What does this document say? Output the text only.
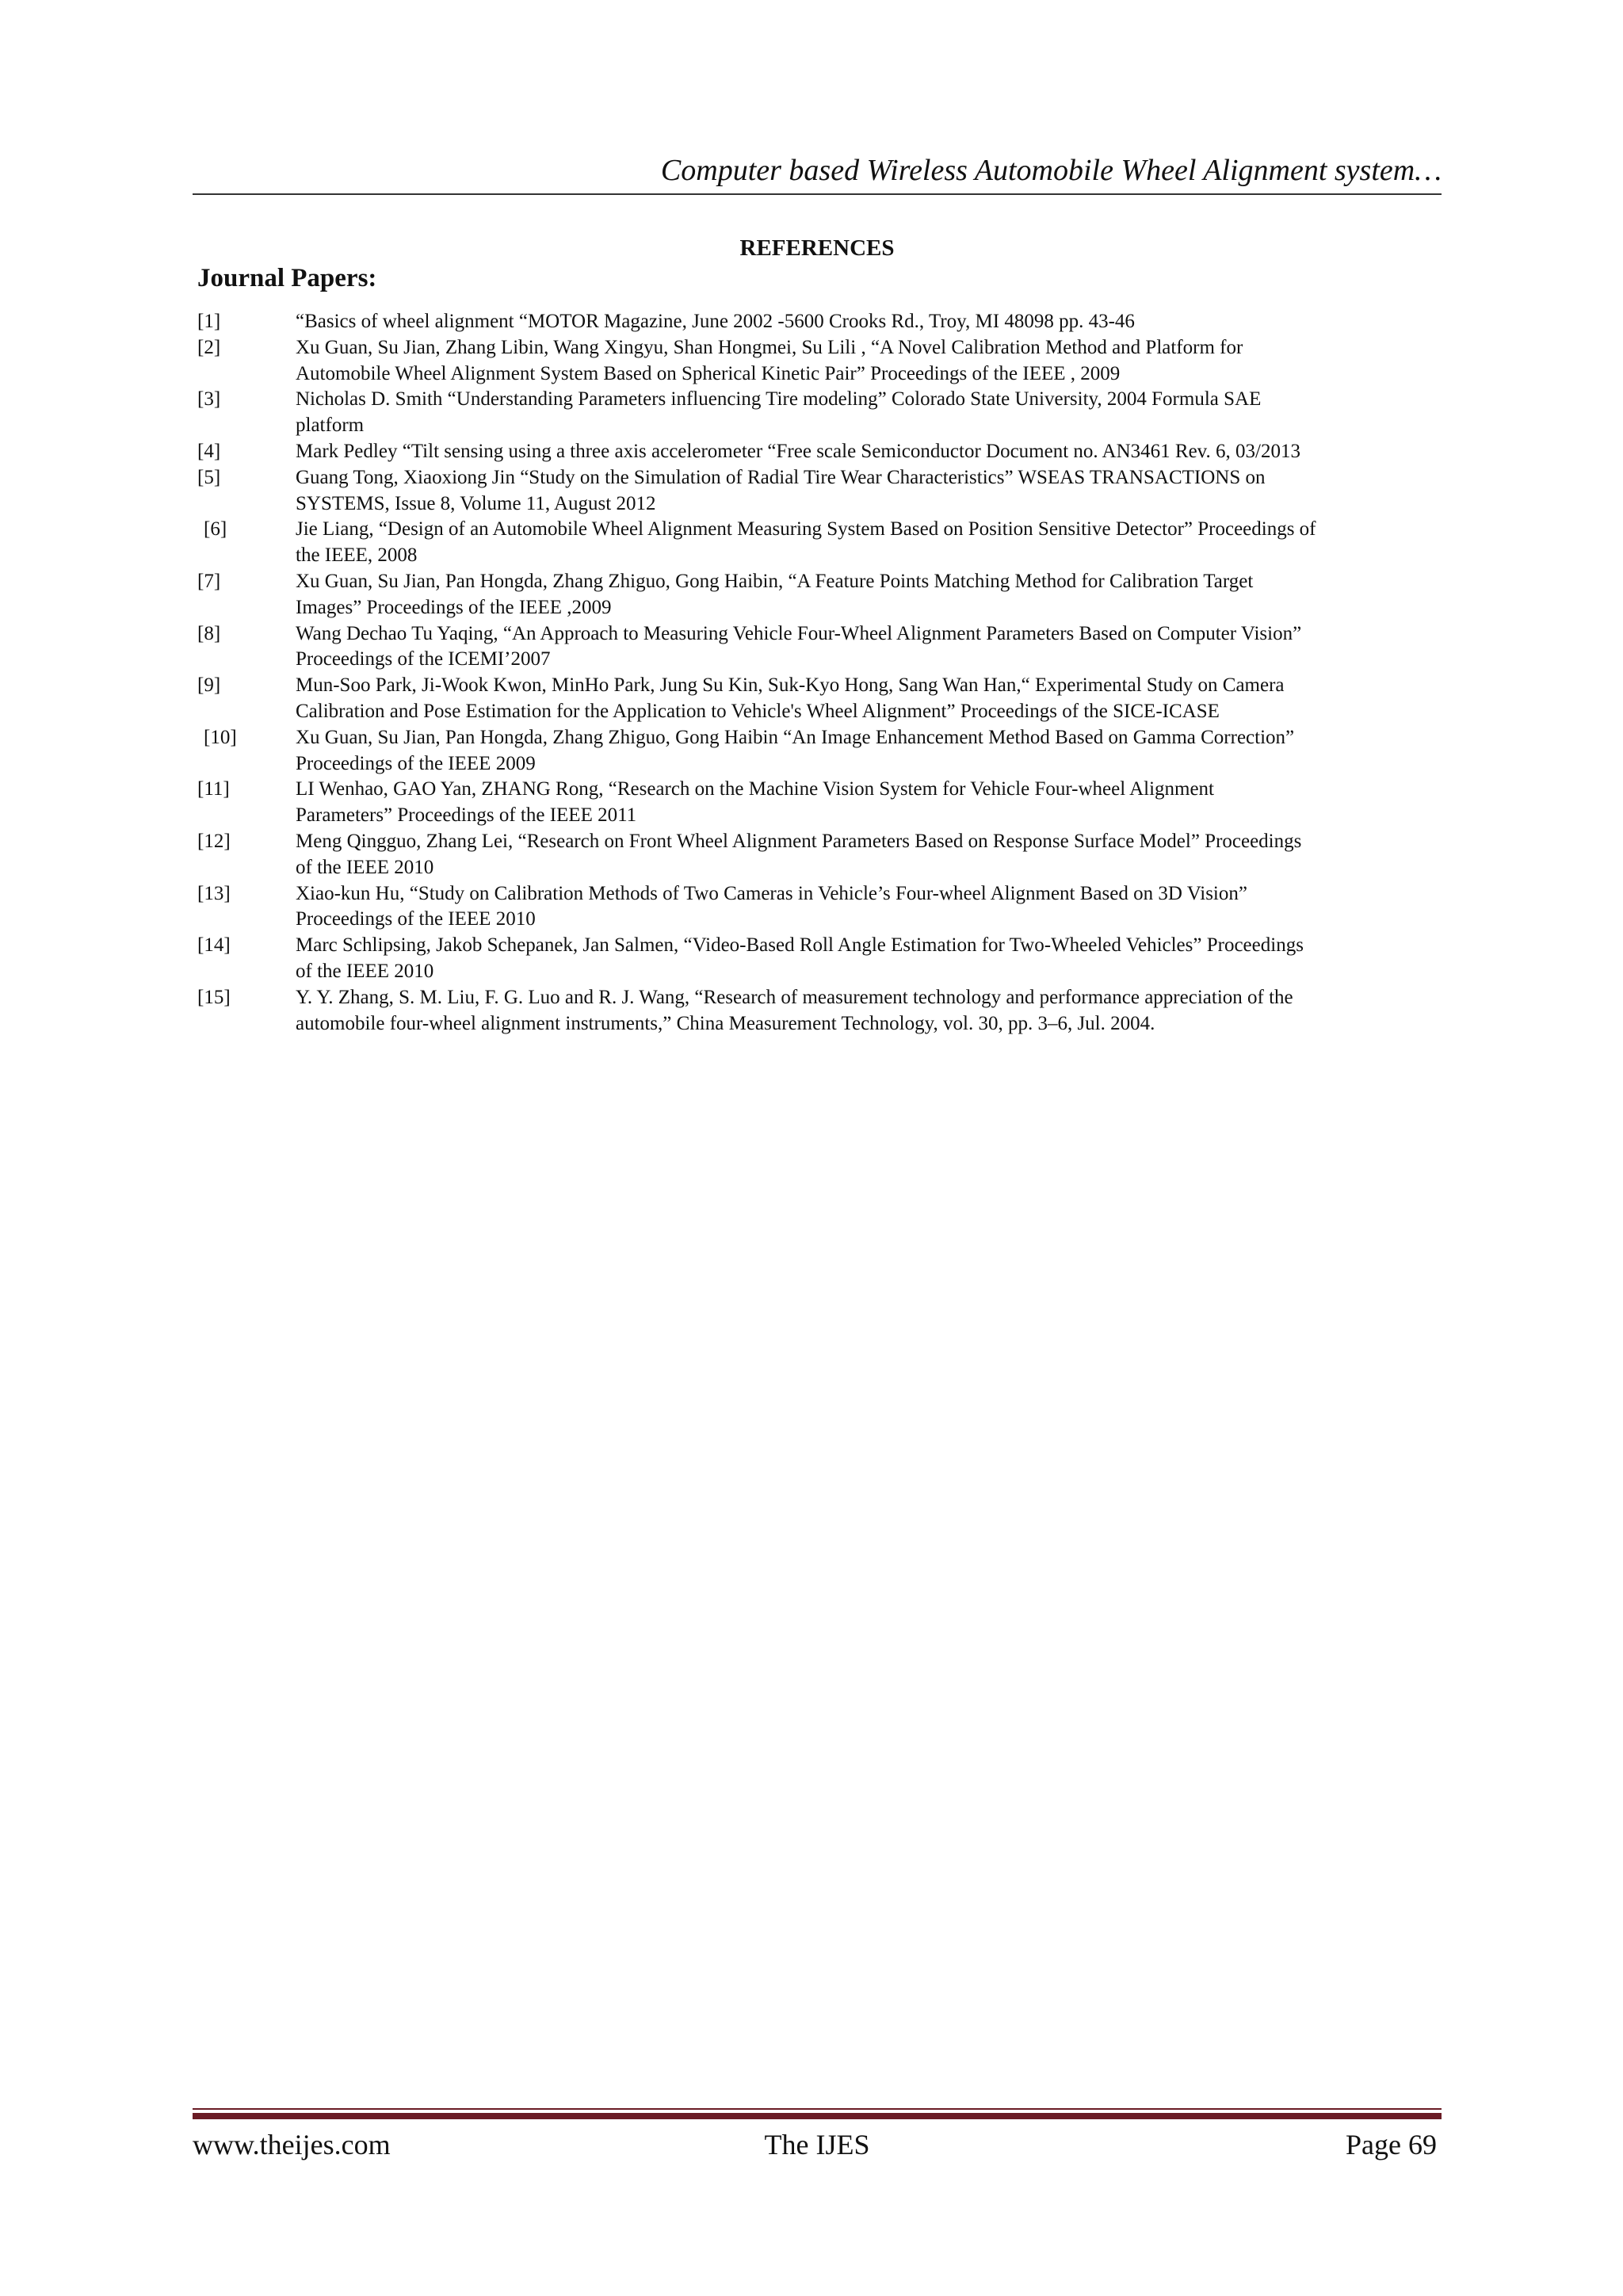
Computer based Wireless Automobile Wheel Alignment system…
REFERENCES
Journal Papers:
[1]	“Basics of wheel alignment “MOTOR Magazine, June 2002 -5600 Crooks Rd., Troy, MI 48098 pp. 43-46
[2]	Xu Guan, Su Jian, Zhang Libin, Wang Xingyu, Shan Hongmei, Su Lili , “A Novel Calibration Method and Platform for
Automobile Wheel Alignment System Based on Spherical Kinetic Pair” Proceedings of the IEEE , 2009
[3]	Nicholas D. Smith “Understanding Parameters influencing Tire modeling” Colorado State University, 2004 Formula SAE
platform
[4]	Mark Pedley “Tilt sensing using a three axis accelerometer “Free scale Semiconductor Document no. AN3461 Rev. 6, 03/2013
[5]	Guang Tong, Xiaoxiong Jin “Study on the Simulation of Radial Tire Wear Characteristics” WSEAS TRANSACTIONS on
SYSTEMS, Issue 8, Volume 11, August 2012
[6]	Jie Liang, “Design of an Automobile Wheel Alignment Measuring System Based on Position Sensitive Detector” Proceedings of
the IEEE, 2008
[7]	Xu Guan, Su Jian, Pan Hongda, Zhang Zhiguo, Gong Haibin, “A Feature Points Matching Method for Calibration Target
Images” Proceedings of the IEEE ,2009
[8]	Wang Dechao Tu Yaqing, “An Approach to Measuring Vehicle Four-Wheel Alignment Parameters Based on Computer Vision”
Proceedings of the ICEMI’2007
[9]	Mun-Soo Park, Ji-Wook Kwon, MinHo Park, Jung Su Kin, Suk-Kyo Hong, Sang Wan Han,“ Experimental Study on Camera
Calibration and Pose Estimation for the Application to Vehicle's Wheel Alignment” Proceedings of the SICE-ICASE
[10]	Xu Guan, Su Jian, Pan Hongda, Zhang Zhiguo, Gong Haibin “An Image Enhancement Method Based on Gamma Correction”
Proceedings of the IEEE 2009
[11]	LI Wenhao, GAO Yan, ZHANG Rong, “Research on the Machine Vision System for Vehicle Four-wheel Alignment
Parameters” Proceedings of the IEEE 2011
[12]	Meng Qingguo, Zhang Lei, “Research on Front Wheel Alignment Parameters Based on Response Surface Model” Proceedings
of the IEEE 2010
[13]	Xiao-kun Hu, “Study on Calibration Methods of Two Cameras in Vehicle’s Four-wheel Alignment Based on 3D Vision”
Proceedings of the IEEE 2010
[14]	Marc Schlipsing, Jakob Schepanek, Jan Salmen, “Video-Based Roll Angle Estimation for Two-Wheeled Vehicles” Proceedings
of the IEEE 2010
[15]	Y. Y. Zhang, S. M. Liu, F. G. Luo and R. J. Wang, “Research of measurement technology and performance appreciation of the
automobile four-wheel alignment instruments,” China Measurement Technology, vol. 30, pp. 3–6, Jul. 2004.
www.theijes.com	The IJES	Page 69
